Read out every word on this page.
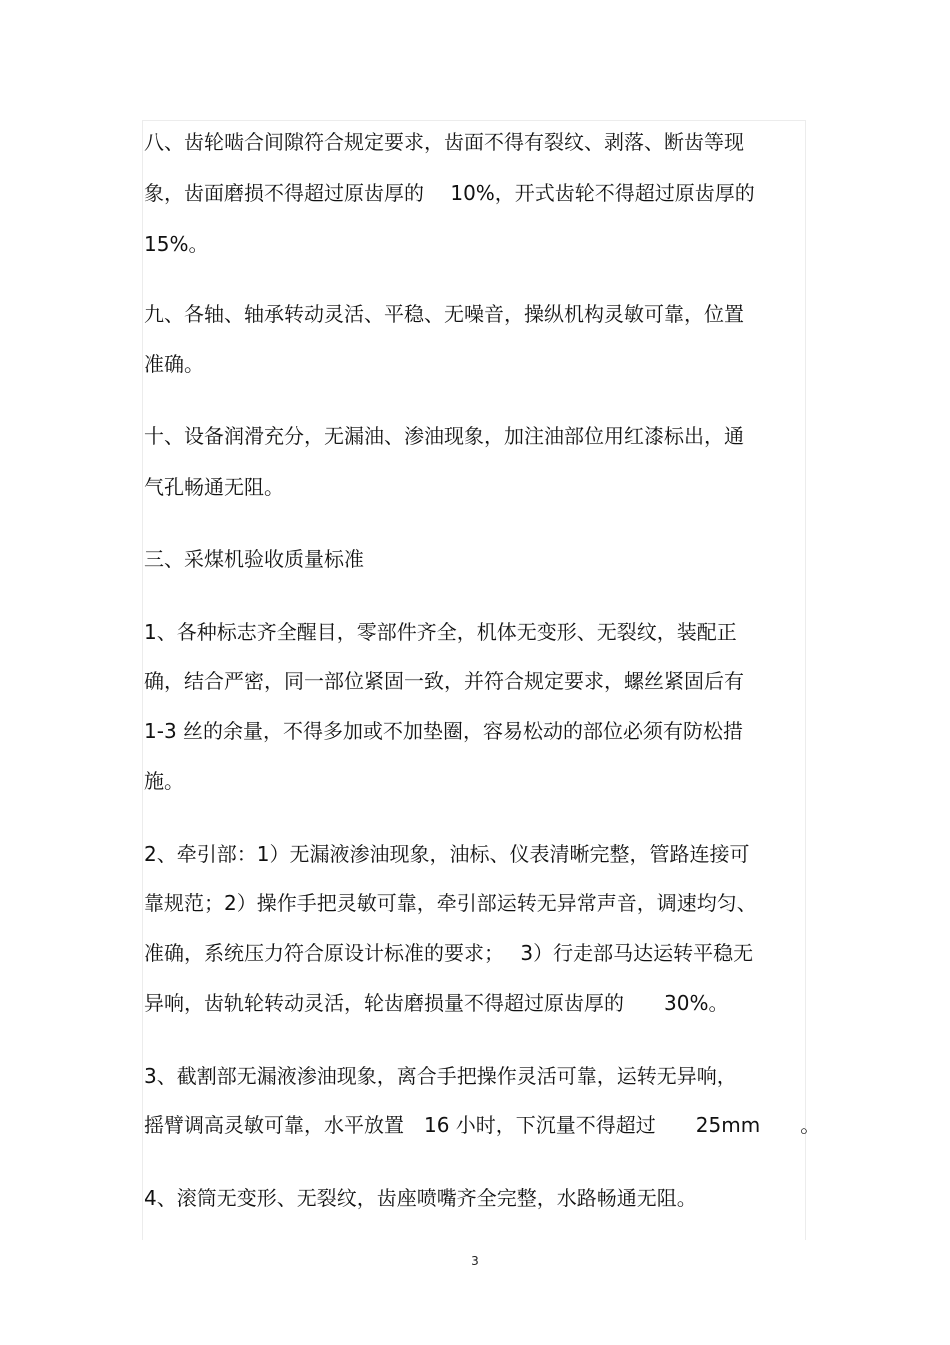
八、齿轮啮合间隙符合规定要求，齿面不得有裂纹、剥落、断齿等现
象，齿面磨损不得超过原齿厚的　 10%，开式齿轮不得超过原齿厚的
15%。
九、各轴、轴承转动灵活、平稳、无噪音，操纵机构灵敏可靠，位置
准确。
十、设备润滑充分，无漏油、渗油现象，加注油部位用红漆标出，通
气孔畅通无阻。
三、采煤机验收质量标准
1、各种标志齐全醒目，零部件齐全，机体无变形、无裂纹，装配正
确，结合严密，同一部位紧固一致，并符合规定要求，螺丝紧固后有
1-3 丝的余量，不得多加或不加垫圈，容易松动的部位必须有防松措
施。
2、牵引部：1）无漏液渗油现象，油标、仪表清晰完整，管路连接可
靠规范；2）操作手把灵敏可靠，牵引部运转无异常声音，调速均匀、
准确，系统压力符合原设计标准的要求；　 3）行走部马达运转平稳无
异响，齿轨轮转动灵活，轮齿磨损量不得超过原齿厚的　　30%。
3、截割部无漏液渗油现象，离合手把操作灵活可靠，运转无异响，
摇臂调高灵敏可靠，水平放置　16 小时，下沉量不得超过　　25mm　　。
4、滚筒无变形、无裂纹，齿座喷嘴齐全完整，水路畅通无阻。
3
